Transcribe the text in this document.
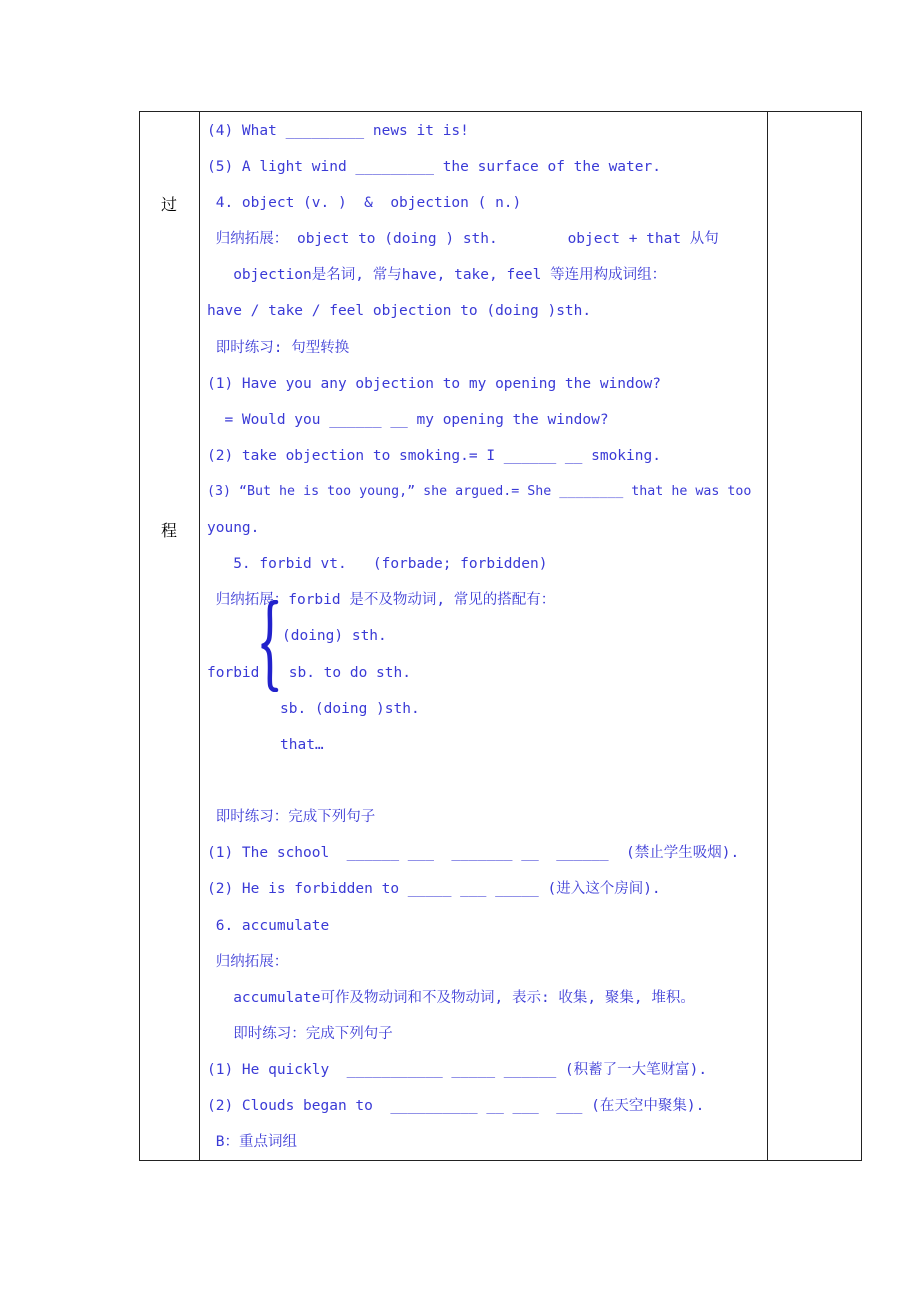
过
程
(4) What _________ news it is!
(5) A light wind _________ the surface of the water.
4. object (v. )  &  objection ( n.)
归纳拓展： object to (doing ) sth.        object + that 从句
objection是名词, 常与have, take, feel 等连用构成词组：
have / take / feel objection to (doing )sth.
即时练习: 句型转换
(1) Have you any objection to my opening the window?
= Would you ______ __ my opening the window?
(2) take objection to smoking.= I ______ __ smoking.
(3) “But he is too young,” she argued.= She ________ that he was too
young.
5. forbid vt.   (forbade; forbidden)
归纳拓展：forbid 是不及物动词, 常见的搭配有：
(doing) sth.
forbid sb. to do sth.
sb. (doing )sth.
that…
即时练习：完成下列句子
(1) The school  ______ ___  _______ __  ______  (禁止学生吸烟).
(2) He is forbidden to _____ ___ _____ (进入这个房间).
6. accumulate
归纳拓展：
accumulate可作及物动词和不及物动词, 表示: 收集, 聚集, 堆积。
即时练习：完成下列句子
(1) He quickly  ___________ _____ ______ (积蓄了一大笔财富).
(2) Clouds began to  __________ __ ___  ___ (在天空中聚集).
B：重点词组
